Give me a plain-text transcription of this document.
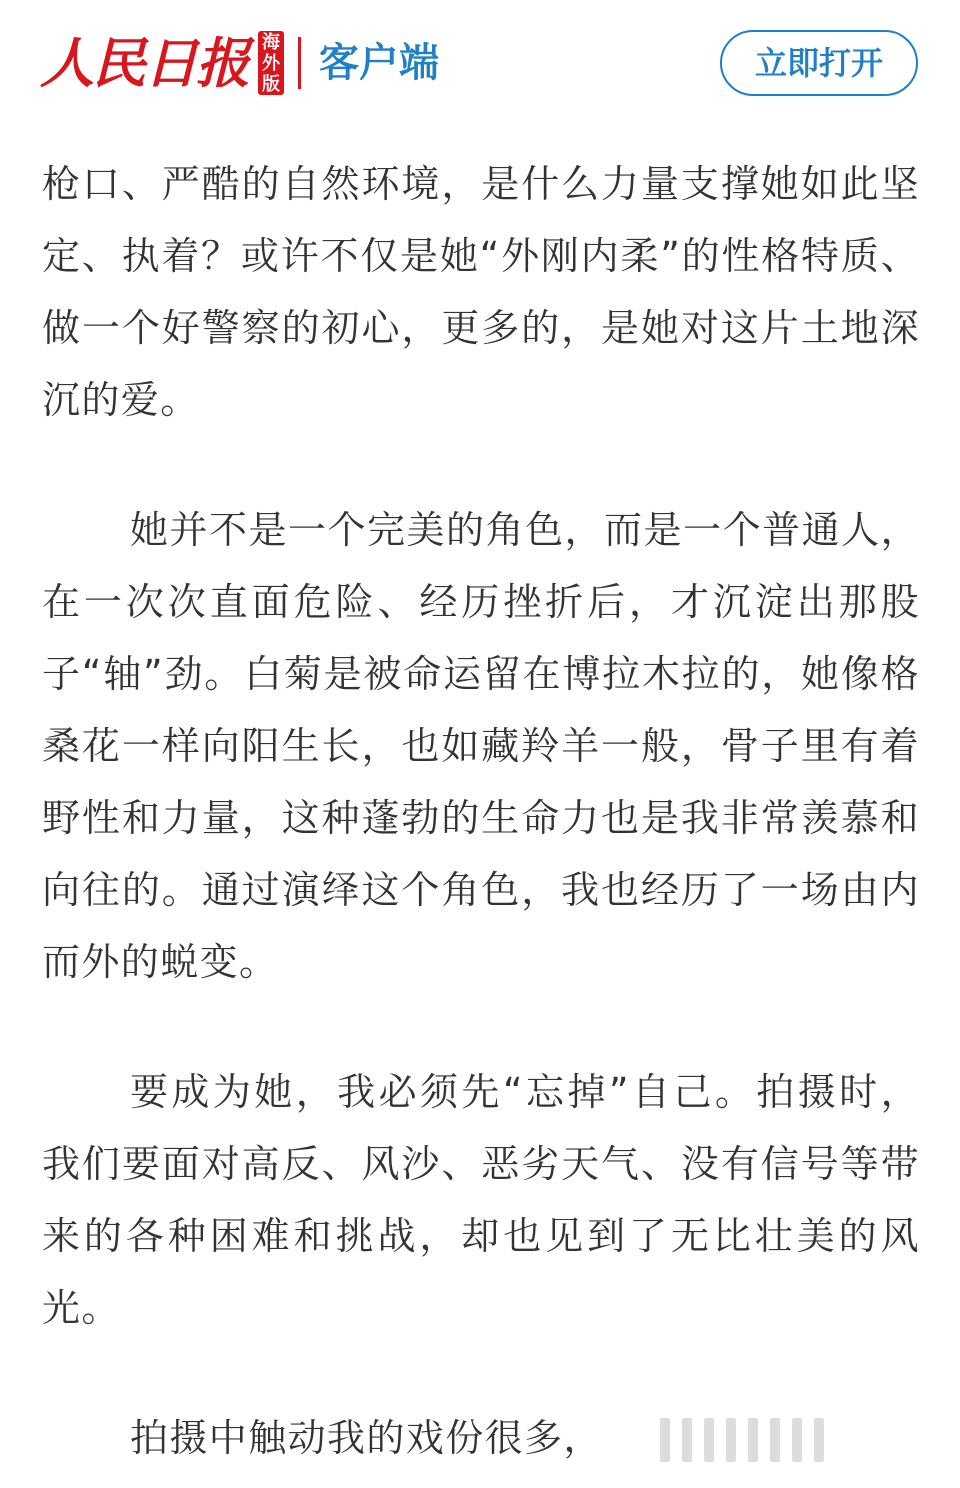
人民日报 海
外
版 客户端	立即打开

枪口、严酷的自然环境，是什么力量支撑她如此坚定、执着？或许不仅是她“外刚内柔”的性格特质、做一个好警察的初心，更多的，是她对这片土地深沉的爱。

她并不是一个完美的角色，而是一个普通人，在一次次直面危险、经历挫折后，才沉淀出那股子“轴”劲。白菊是被命运留在博拉木拉的，她像格桑花一样向阳生长，也如藏羚羊一般，骨子里有着野性和力量，这种蓬勃的生命力也是我非常羡慕和向往的。通过演绎这个角色，我也经历了一场由内而外的蜕变。

要成为她，我必须先“忘掉”自己。拍摄时，我们要面对高反、风沙、恶劣天气、没有信号等带来的各种困难和挑战，却也见到了无比壮美的风光。

拍摄中触动我的戏份很多，
